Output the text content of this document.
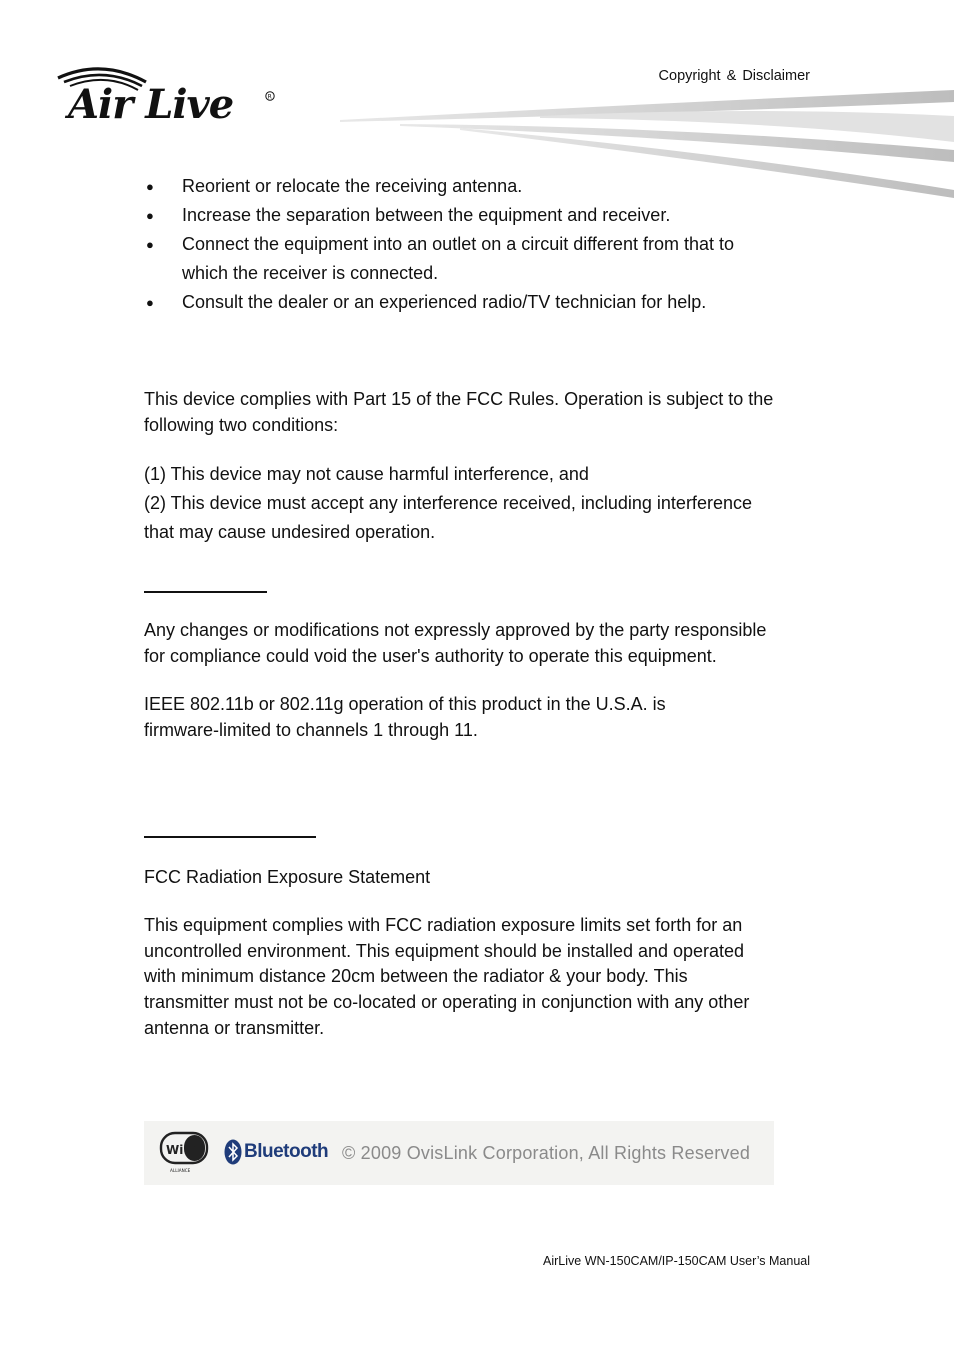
Air Live	R
Copyright & Disclaimer

● Reorient or relocate the receiving antenna.

● Increase the separation between the equipment and receiver.

● Connect the equipment into an outlet on a circuit different from that to

which the receiver is connected.

● Consult the dealer or an experienced radio/TV technician for help.

This device complies with Part 15 of the FCC Rules. Operation is subject to the
following two conditions:
(1) This device may not cause harmful interference, and
(2) This device must accept any interference received, including interference
that may cause undesired operation.
Any changes or modifications not expressly approved by the party responsible
for compliance could void the user's authority to operate this equipment.
IEEE 802.11b or 802.11g operation of this product in the U.S.A. is
firmware-limited to channels 1 through 11.
FCC Radiation Exposure Statement
This equipment complies with FCC radiation exposure limits set forth for an
uncontrolled environment. This equipment should be installed and operated
with minimum distance 20cm between the radiator & your body. This
transmitter must not be co-located or operating in conjunction with any other
antenna or transmitter.
Wi Fi
ALLIANCE
Bluetooth © 2009 OvisLink Corporation, All Rights Reserved
AirLive WN-150CAM/IP-150CAM User’s Manual
